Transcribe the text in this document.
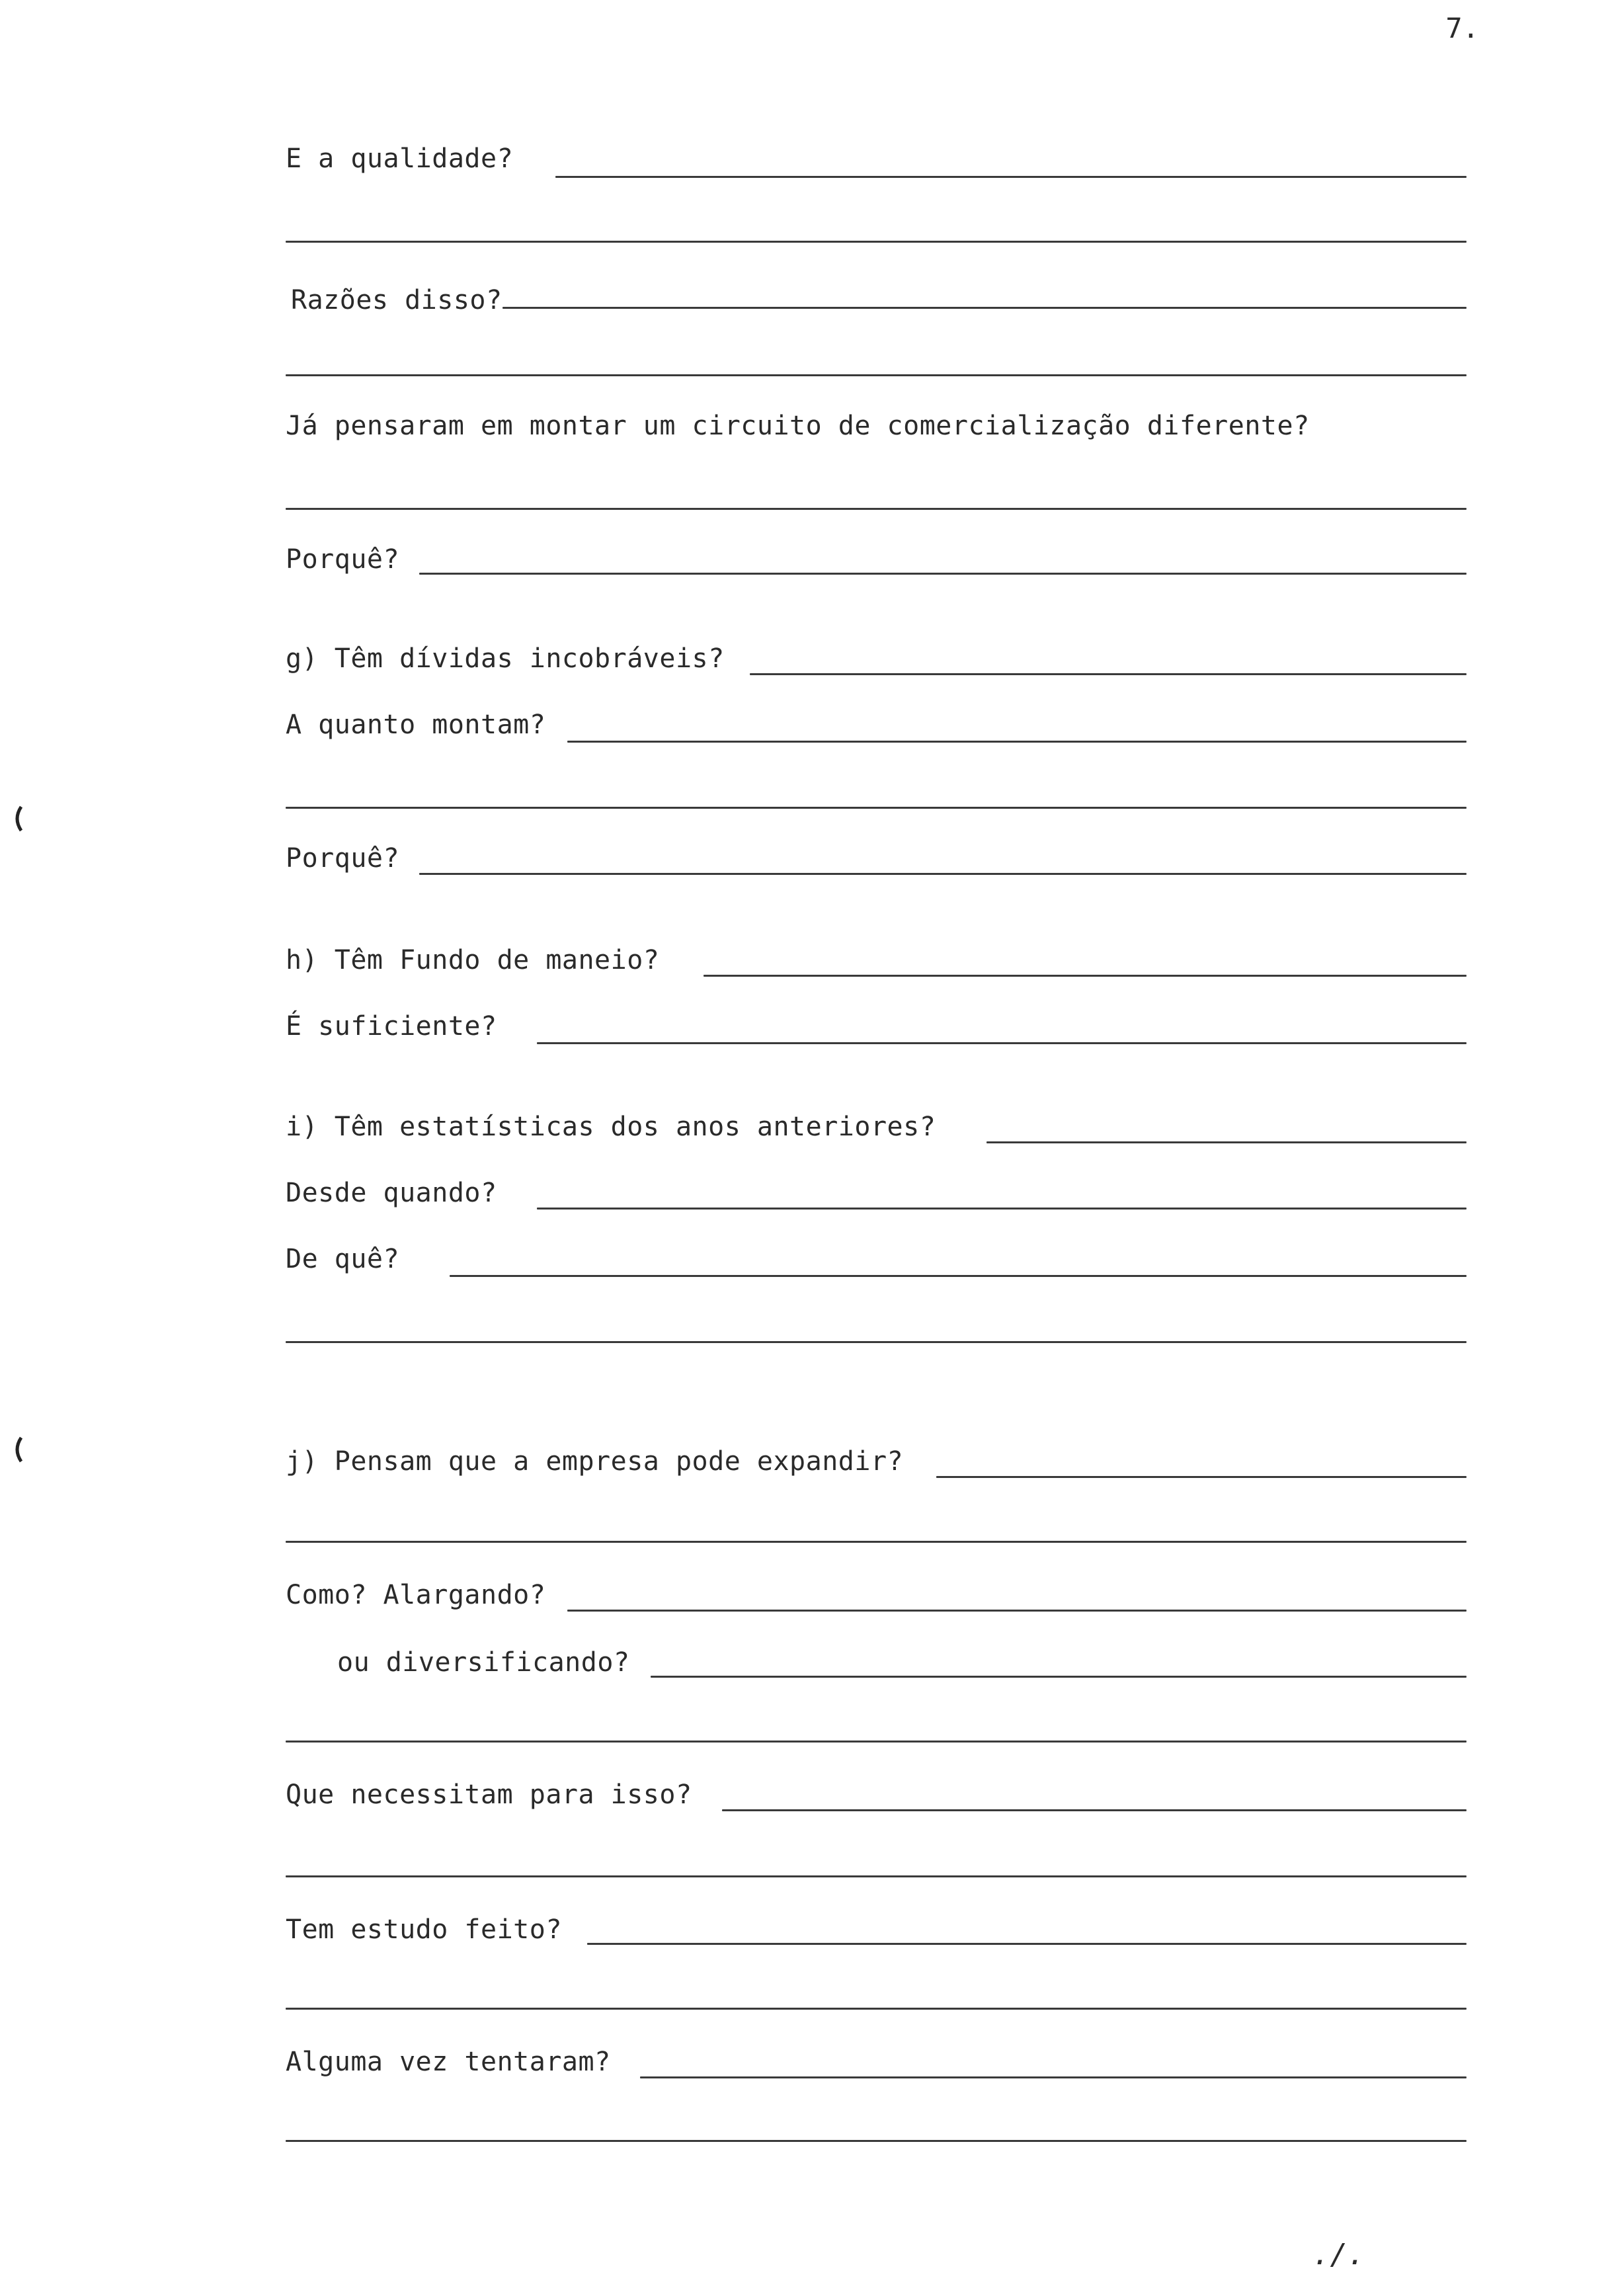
7.
E a qualidade?
Razões disso?
Já pensaram em montar um circuito de comercialização diferente?
Porquê?
g) Têm dívidas incobráveis?
A quanto montam?
Porquê?
h) Têm Fundo de maneio?
É suficiente?
i) Têm estatísticas dos anos anteriores?
Desde quando?
De quê?
j) Pensam que a empresa pode expandir?
Como? Alargando?
ou diversificando?
Que necessitam para isso?
Tem estudo feito?
Alguma vez tentaram?
./.
